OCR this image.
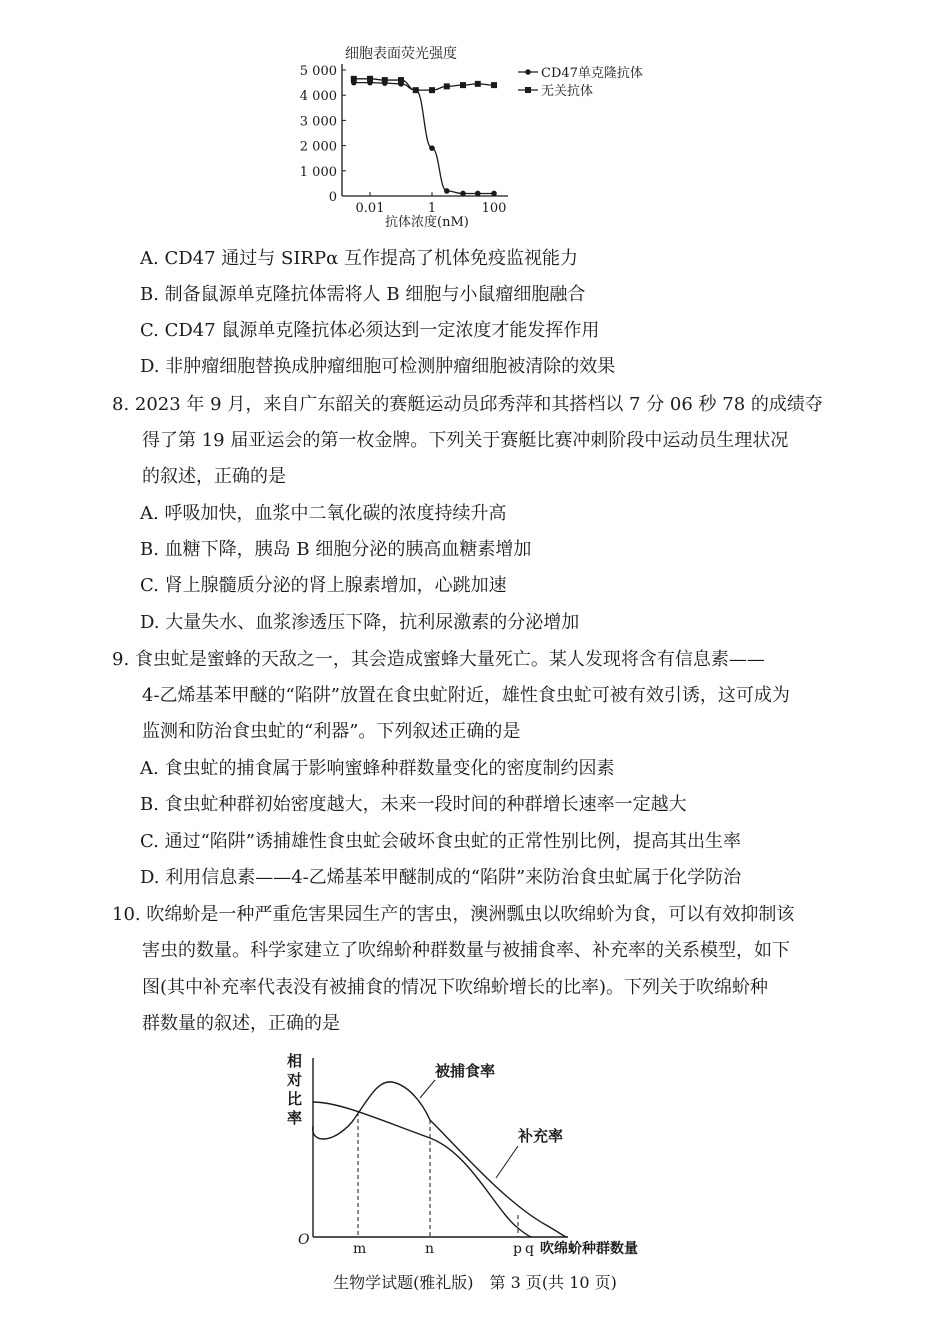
细胞表面荧光强度
0
1 000
2 000
3 000
4 000
5 000
0.01	1	100
抗体浓度(nM)
CD47单克隆抗体
无关抗体
A. CD47 通过与 SIRPα 互作提高了机体免疫监视能力
B. 制备鼠源单克隆抗体需将人 B 细胞与小鼠瘤细胞融合
C. CD47 鼠源单克隆抗体必须达到一定浓度才能发挥作用
D. 非肿瘤细胞替换成肿瘤细胞可检测肿瘤细胞被清除的效果
8. 2023 年 9 月，来自广东韶关的赛艇运动员邱秀萍和其搭档以 7 分 06 秒 78 的成绩夺
得了第 19 届亚运会的第一枚金牌。下列关于赛艇比赛冲刺阶段中运动员生理状况
的叙述，正确的是
A. 呼吸加快，血浆中二氧化碳的浓度持续升高
B. 血糖下降，胰岛 B 细胞分泌的胰高血糖素增加
C. 肾上腺髓质分泌的肾上腺素增加，心跳加速
D. 大量失水、血浆渗透压下降，抗利尿激素的分泌增加
9. 食虫虻是蜜蜂的天敌之一，其会造成蜜蜂大量死亡。某人发现将含有信息素——
4-乙烯基苯甲醚的“陷阱”放置在食虫虻附近，雄性食虫虻可被有效引诱，这可成为
监测和防治食虫虻的“利器”。下列叙述正确的是
A. 食虫虻的捕食属于影响蜜蜂种群数量变化的密度制约因素
B. 食虫虻种群初始密度越大，未来一段时间的种群增长速率一定越大
C. 通过“陷阱”诱捕雄性食虫虻会破坏食虫虻的正常性别比例，提高其出生率
D. 利用信息素——4-乙烯基苯甲醚制成的“陷阱”来防治食虫虻属于化学防治
10. 吹绵蚧是一种严重危害果园生产的害虫，澳洲瓢虫以吹绵蚧为食，可以有效抑制该
害虫的数量。科学家建立了吹绵蚧种群数量与被捕食率、补充率的关系模型，如下
图(其中补充率代表没有被捕食的情况下吹绵蚧增长的比率)。下列关于吹绵蚧种
群数量的叙述，正确的是
相
对
比
率
O
m	n	p q 吹绵蚧种群数量
被捕食率
补充率
生物学试题(雅礼版)　第 3 页(共 10 页)
